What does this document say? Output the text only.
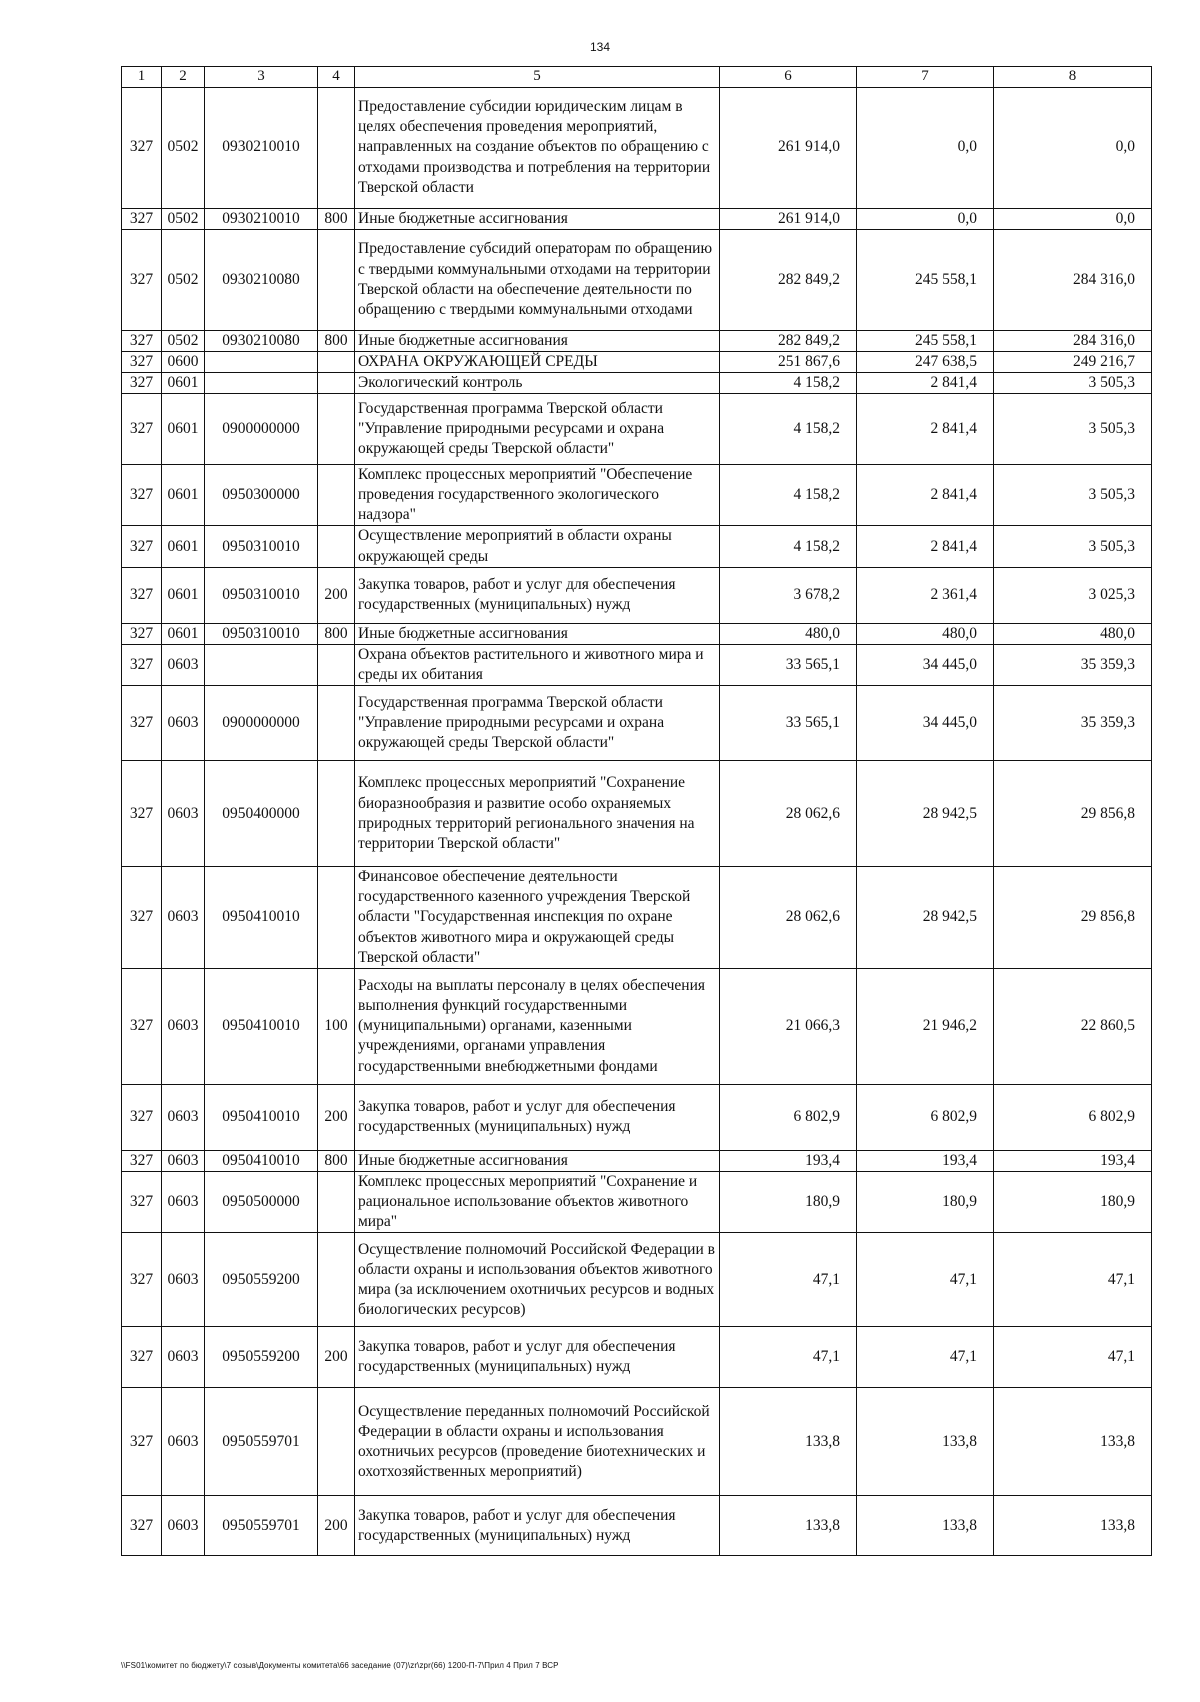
134
1	2	3	4	5	6	7	8
327	0502	0930210010		Предоставление субсидии юридическим лицам в целях обеспечения проведения мероприятий, направленных на создание объектов по обращению с отходами производства и потребления на территории Тверской области	261 914,0	0,0	0,0
327	0502	0930210010	800	Иные бюджетные ассигнования	261 914,0	0,0	0,0
327	0502	0930210080		Предоставление субсидий операторам по обращению с твердыми коммунальными отходами на территории Тверской области на обеспечение деятельности по обращению с твердыми коммунальными отходами	282 849,2	245 558,1	284 316,0
327	0502	0930210080	800	Иные бюджетные ассигнования	282 849,2	245 558,1	284 316,0
327	0600			ОХРАНА ОКРУЖАЮЩЕЙ СРЕДЫ	251 867,6	247 638,5	249 216,7
327	0601			Экологический контроль	4 158,2	2 841,4	3 505,3
327	0601	0900000000		Государственная программа Тверской области "Управление природными ресурсами и охрана окружающей среды Тверской области"	4 158,2	2 841,4	3 505,3
327	0601	0950300000		Комплекс процессных мероприятий "Обеспечение проведения государственного экологического надзора"	4 158,2	2 841,4	3 505,3
327	0601	0950310010		Осуществление мероприятий в области охраны окружающей среды	4 158,2	2 841,4	3 505,3
327	0601	0950310010	200	Закупка товаров, работ и услуг для обеспечения государственных (муниципальных) нужд	3 678,2	2 361,4	3 025,3
327	0601	0950310010	800	Иные бюджетные ассигнования	480,0	480,0	480,0
327	0603			Охрана объектов растительного и животного мира и среды их обитания	33 565,1	34 445,0	35 359,3
327	0603	0900000000		Государственная программа Тверской области "Управление природными ресурсами и охрана окружающей среды Тверской области"	33 565,1	34 445,0	35 359,3
327	0603	0950400000		Комплекс процессных мероприятий "Сохранение биоразнообразия и развитие особо охраняемых природных территорий регионального значения на территории Тверской области"	28 062,6	28 942,5	29 856,8
327	0603	0950410010		Финансовое обеспечение деятельности государственного казенного учреждения Тверской области "Государственная инспекция по охране объектов животного мира и окружающей среды Тверской области"	28 062,6	28 942,5	29 856,8
327	0603	0950410010	100	Расходы на выплаты персоналу в целях обеспечения выполнения функций государственными (муниципальными) органами, казенными учреждениями, органами управления государственными внебюджетными фондами	21 066,3	21 946,2	22 860,5
327	0603	0950410010	200	Закупка товаров, работ и услуг для обеспечения государственных (муниципальных) нужд	6 802,9	6 802,9	6 802,9
327	0603	0950410010	800	Иные бюджетные ассигнования	193,4	193,4	193,4
327	0603	0950500000		Комплекс процессных мероприятий "Сохранение и рациональное использование объектов животного мира"	180,9	180,9	180,9
327	0603	0950559200		Осуществление полномочий Российской Федерации в области охраны и использования объектов животного мира (за исключением охотничьих ресурсов и водных биологических ресурсов)	47,1	47,1	47,1
327	0603	0950559200	200	Закупка товаров, работ и услуг для обеспечения государственных (муниципальных) нужд	47,1	47,1	47,1
327	0603	0950559701		Осуществление переданных полномочий Российской Федерации в области охраны и использования охотничьих ресурсов (проведение биотехнических и охотхозяйственных мероприятий)	133,8	133,8	133,8
327	0603	0950559701	200	Закупка товаров, работ и услуг для обеспечения государственных (муниципальных) нужд	133,8	133,8	133,8
\\FS01\комитет по бюджету\7 созыв\Документы комитета\66 заседание (07)\zr\zpr(66) 1200-П-7\Прил 4 Прил 7 ВСР
